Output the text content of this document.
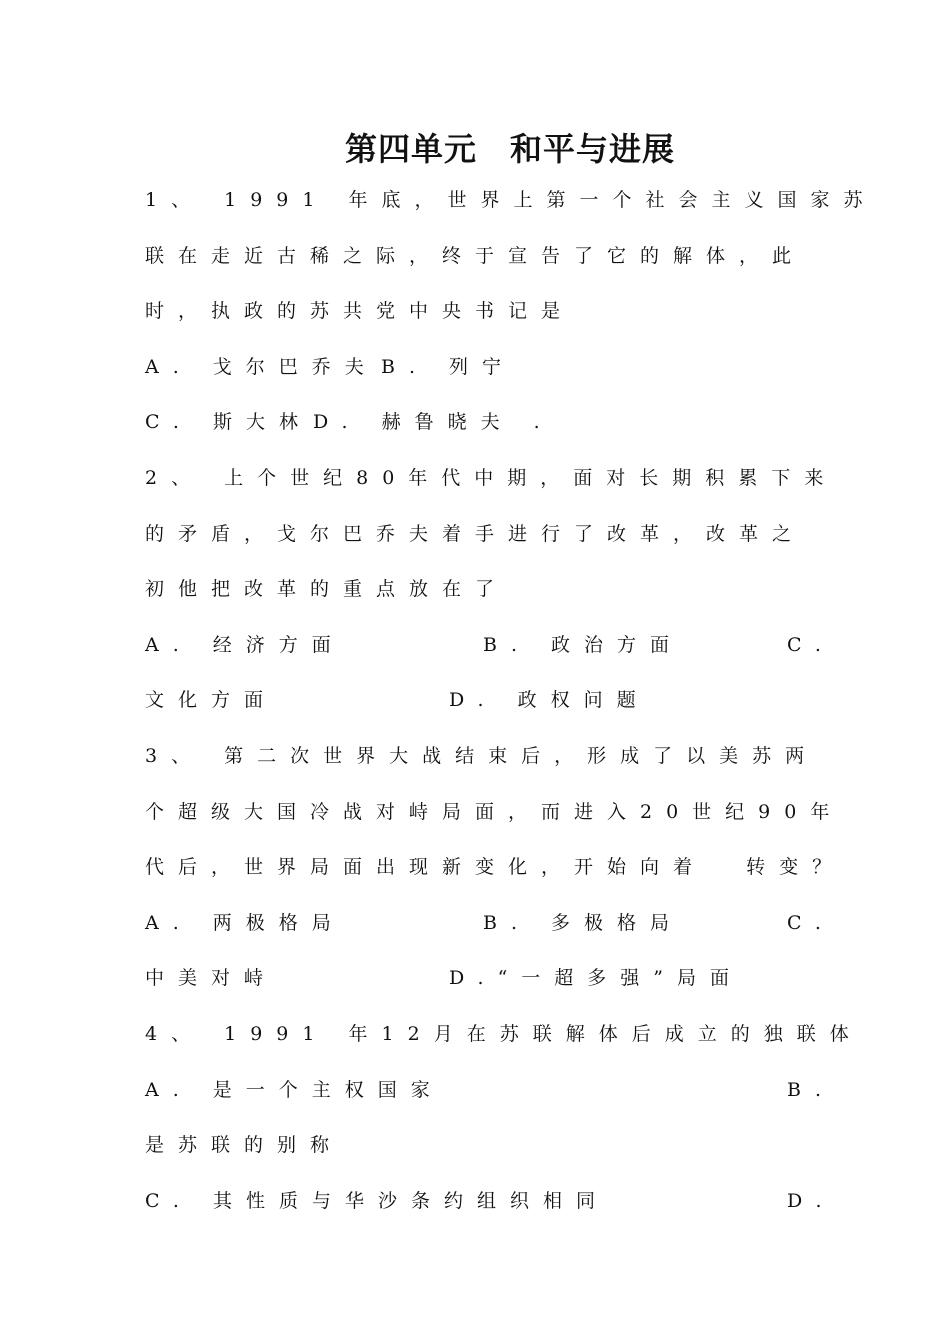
第四单元　和平与进展
1、 1991 年底，世界上第一个社会主义国家苏
联在走近古稀之际，终于宣告了它的解体，此
时，执政的苏共党中央书记是

A. 戈尔巴乔夫

B. 列宁

C. 斯大林

D. 赫鲁晓夫 .

2、 上个世纪80年代中期，面对长期积累下来
的矛盾，戈尔巴乔夫着手进行了改革，改革之
初他把改革的重点放在了

A. 经济方面

	B. 政治方面

	C.

文化方面

	D. 政权问题

3、 第二次世界大战结束后，形成了以美苏两
个超级大国冷战对峙局面，而进入20世纪90年
代后，世界局面出现新变化，开始向着  转变？

A. 两极格局

	B. 多极格局

	C.

中美对峙

	D.“一超多强”局面

4、 1991 年12月在苏联解体后成立的独联体

A. 是一个主权国家

	B.

是苏联的别称

C. 其性质与华沙条约组织相同

	D.
